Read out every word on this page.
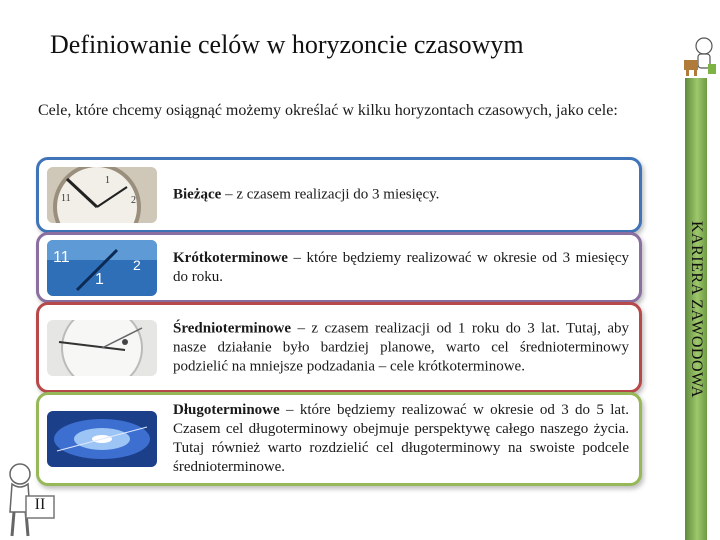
Definiowanie celów w horyzoncie czasowym
Cele, które chcemy osiągnąć możemy określać w kilku horyzontach czasowych, jako cele:
KARIERA ZAWODOWA
11
1
2 Bieżące – z czasem realizacji do 3 miesięcy.
11
1
2 Krótkoterminowe – które będziemy realizować w okresie od 3 miesięcy do roku.
Średnioterminowe – z czasem realizacji od 1 roku do 3 lat. Tutaj, aby nasze działanie było bardziej planowe, warto cel średnioterminowy podzielić na mniejsze podzadania – cele krótkoterminowe.
Długoterminowe – które będziemy realizować w okresie od 3 do 5 lat. Czasem cel długoterminowy obejmuje perspektywę całego naszego życia. Tutaj również warto rozdzielić cel długoterminowy na swoiste podcele średnioterminowe.
II
